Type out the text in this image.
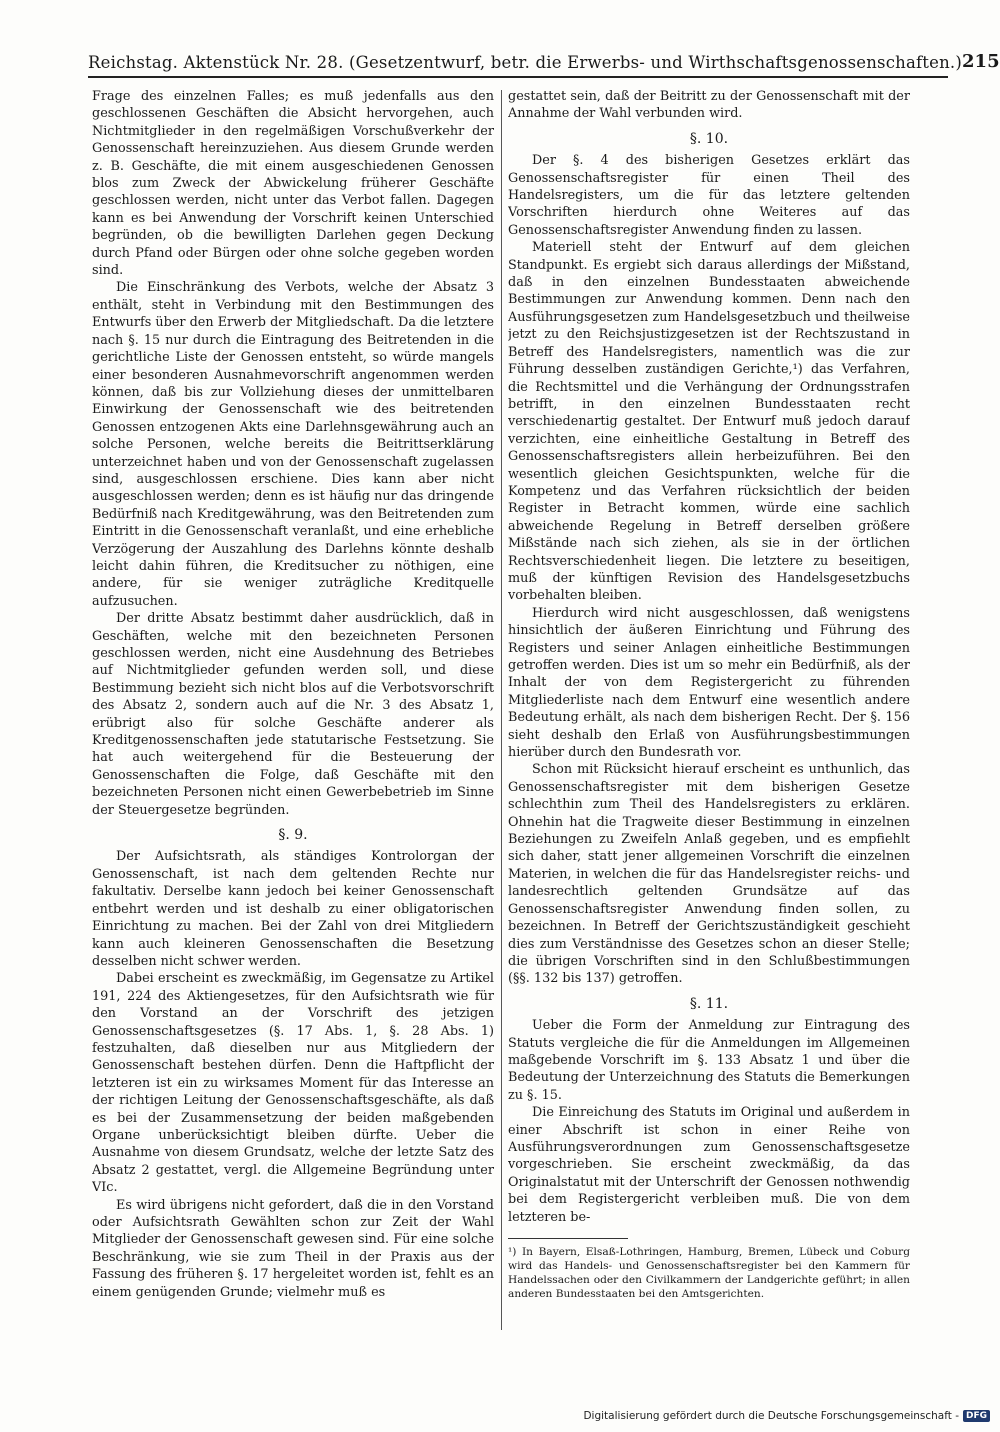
Reichstag. Aktenstück Nr. 28. (Gesetzentwurf, betr. die Erwerbs- und Wirthschaftsgenossenschaften.) 215

Frage des einzelnen Falles; es muß jedenfalls aus den geschlossenen Geschäften die Absicht hervorgehen, auch Nichtmitglieder in den regelmäßigen Vorschußverkehr der Genossenschaft hereinzuziehen. Aus diesem Grunde werden z. B. Geschäfte, die mit einem ausgeschiedenen Genossen blos zum Zweck der Abwickelung früherer Geschäfte geschlossen werden, nicht unter das Verbot fallen. Dagegen kann es bei Anwendung der Vorschrift keinen Unterschied begründen, ob die bewilligten Darlehen gegen Deckung durch Pfand oder Bürgen oder ohne solche gegeben worden sind.

Die Einschränkung des Verbots, welche der Absatz 3 enthält, steht in Verbindung mit den Bestimmungen des Entwurfs über den Erwerb der Mitgliedschaft. Da die letztere nach §. 15 nur durch die Eintragung des Beitretenden in die gerichtliche Liste der Genossen entsteht, so würde mangels einer besonderen Ausnahmevorschrift angenommen werden können, daß bis zur Vollziehung dieses der unmittelbaren Einwirkung der Genossenschaft wie des beitretenden Genossen entzogenen Akts eine Darlehnsgewährung auch an solche Personen, welche bereits die Beitrittserklärung unterzeichnet haben und von der Genossenschaft zugelassen sind, ausgeschlossen erschiene. Dies kann aber nicht ausgeschlossen werden; denn es ist häufig nur das dringende Bedürfniß nach Kreditgewährung, was den Beitretenden zum Eintritt in die Genossenschaft veranlaßt, und eine erhebliche Verzögerung der Auszahlung des Darlehns könnte deshalb leicht dahin führen, die Kreditsucher zu nöthigen, eine andere, für sie weniger zuträgliche Kreditquelle aufzusuchen.

Der dritte Absatz bestimmt daher ausdrücklich, daß in Geschäften, welche mit den bezeichneten Personen geschlossen werden, nicht eine Ausdehnung des Betriebes auf Nichtmitglieder gefunden werden soll, und diese Bestimmung bezieht sich nicht blos auf die Verbotsvorschrift des Absatz 2, sondern auch auf die Nr. 3 des Absatz 1, erübrigt also für solche Geschäfte anderer als Kreditgenossenschaften jede statutarische Festsetzung. Sie hat auch weitergehend für die Besteuerung der Genossenschaften die Folge, daß Geschäfte mit den bezeichneten Personen nicht einen Gewerbebetrieb im Sinne der Steuergesetze begründen.

§. 9.

Der Aufsichtsrath, als ständiges Kontrolorgan der Genossenschaft, ist nach dem geltenden Rechte nur fakultativ. Derselbe kann jedoch bei keiner Genossenschaft entbehrt werden und ist deshalb zu einer obligatorischen Einrichtung zu machen. Bei der Zahl von drei Mitgliedern kann auch kleineren Genossenschaften die Besetzung desselben nicht schwer werden.

Dabei erscheint es zweckmäßig, im Gegensatze zu Artikel 191, 224 des Aktiengesetzes, für den Aufsichtsrath wie für den Vorstand an der Vorschrift des jetzigen Genossenschaftsgesetzes (§. 17 Abs. 1, §. 28 Abs. 1) festzuhalten, daß dieselben nur aus Mitgliedern der Genossenschaft bestehen dürfen. Denn die Haftpflicht der letzteren ist ein zu wirksames Moment für das Interesse an der richtigen Leitung der Genossenschaftsgeschäfte, als daß es bei der Zusammensetzung der beiden maßgebenden Organe unberücksichtigt bleiben dürfte. Ueber die Ausnahme von diesem Grundsatz, welche der letzte Satz des Absatz 2 gestattet, vergl. die Allgemeine Begründung unter VIc.

Es wird übrigens nicht gefordert, daß die in den Vorstand oder Aufsichtsrath Gewählten schon zur Zeit der Wahl Mitglieder der Genossenschaft gewesen sind. Für eine solche Beschränkung, wie sie zum Theil in der Praxis aus der Fassung des früheren §. 17 hergeleitet worden ist, fehlt es an einem genügenden Grunde; vielmehr muß es

gestattet sein, daß der Beitritt zu der Genossenschaft mit der Annahme der Wahl verbunden wird.

§. 10.

Der §. 4 des bisherigen Gesetzes erklärt das Genossenschaftsregister für einen Theil des Handelsregisters, um die für das letztere geltenden Vorschriften hierdurch ohne Weiteres auf das Genossenschaftsregister Anwendung finden zu lassen.

Materiell steht der Entwurf auf dem gleichen Standpunkt. Es ergiebt sich daraus allerdings der Mißstand, daß in den einzelnen Bundesstaaten abweichende Bestimmungen zur Anwendung kommen. Denn nach den Ausführungsgesetzen zum Handelsgesetzbuch und theilweise jetzt zu den Reichsjustizgesetzen ist der Rechtszustand in Betreff des Handelsregisters, namentlich was die zur Führung desselben zuständigen Gerichte,¹) das Verfahren, die Rechtsmittel und die Verhängung der Ordnungsstrafen betrifft, in den einzelnen Bundesstaaten recht verschiedenartig gestaltet. Der Entwurf muß jedoch darauf verzichten, eine einheitliche Gestaltung in Betreff des Genossenschaftsregisters allein herbeizuführen. Bei den wesentlich gleichen Gesichtspunkten, welche für die Kompetenz und das Verfahren rücksichtlich der beiden Register in Betracht kommen, würde eine sachlich abweichende Regelung in Betreff derselben größere Mißstände nach sich ziehen, als sie in der örtlichen Rechtsverschiedenheit liegen. Die letztere zu beseitigen, muß der künftigen Revision des Handelsgesetzbuchs vorbehalten bleiben.

Hierdurch wird nicht ausgeschlossen, daß wenigstens hinsichtlich der äußeren Einrichtung und Führung des Registers und seiner Anlagen einheitliche Bestimmungen getroffen werden. Dies ist um so mehr ein Bedürfniß, als der Inhalt der von dem Registergericht zu führenden Mitgliederliste nach dem Entwurf eine wesentlich andere Bedeutung erhält, als nach dem bisherigen Recht. Der §. 156 sieht deshalb den Erlaß von Ausführungsbestimmungen hierüber durch den Bundesrath vor.

Schon mit Rücksicht hierauf erscheint es unthunlich, das Genossenschaftsregister mit dem bisherigen Gesetze schlechthin zum Theil des Handelsregisters zu erklären. Ohnehin hat die Tragweite dieser Bestimmung in einzelnen Beziehungen zu Zweifeln Anlaß gegeben, und es empfiehlt sich daher, statt jener allgemeinen Vorschrift die einzelnen Materien, in welchen die für das Handelsregister reichs- und landesrechtlich geltenden Grundsätze auf das Genossenschaftsregister Anwendung finden sollen, zu bezeichnen. In Betreff der Gerichtszuständigkeit geschieht dies zum Verständnisse des Gesetzes schon an dieser Stelle; die übrigen Vorschriften sind in den Schlußbestimmungen (§§. 132 bis 137) getroffen.

§. 11.

Ueber die Form der Anmeldung zur Eintragung des Statuts vergleiche die für die Anmeldungen im Allgemeinen maßgebende Vorschrift im §. 133 Absatz 1 und über die Bedeutung der Unterzeichnung des Statuts die Bemerkungen zu §. 15.

Die Einreichung des Statuts im Original und außerdem in einer Abschrift ist schon in einer Reihe von Ausführungsverordnungen zum Genossenschaftsgesetze vorgeschrieben. Sie erscheint zweckmäßig, da das Originalstatut mit der Unterschrift der Genossen nothwendig bei dem Registergericht verbleiben muß. Die von dem letzteren be-

¹) In Bayern, Elsaß-Lothringen, Hamburg, Bremen, Lübeck und Coburg wird das Handels- und Genossenschaftsregister bei den Kammern für Handelssachen oder den Civilkammern der Landgerichte geführt; in allen anderen Bundesstaaten bei den Amtsgerichten.

Digitalisierung gefördert durch die Deutsche Forschungsgemeinschaft - DFG
